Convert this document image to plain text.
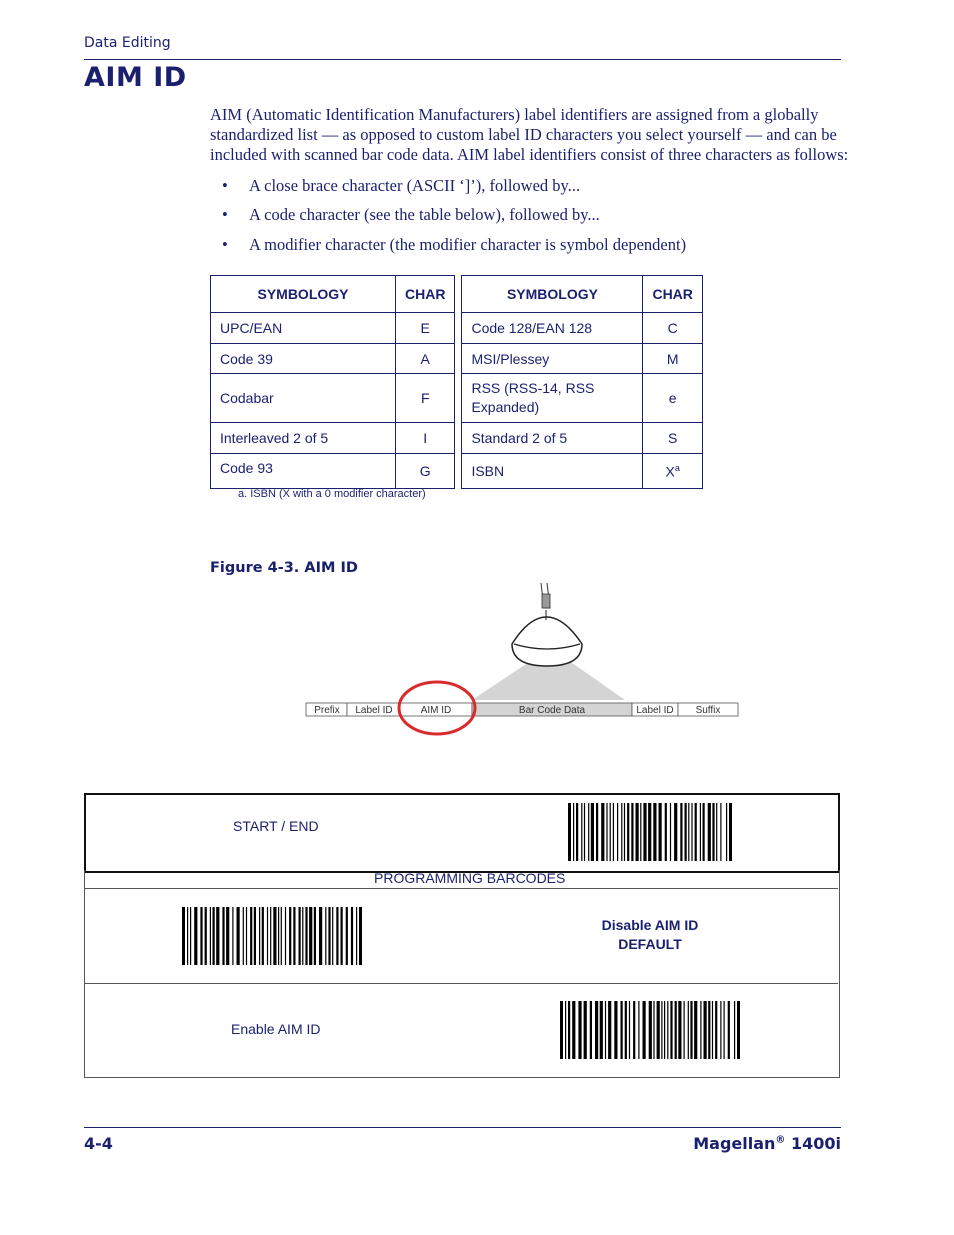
Data Editing
AIM ID
AIM (Automatic Identification Manufacturers) label identifiers are assigned from a globally standardized list — as opposed to custom label ID characters you select yourself — and can be included with scanned bar code data. AIM label identifiers consist of three characters as follows:
• A close brace character (ASCII ‘]’), followed by...
• A code character (see the table below), followed by...
• A modifier character (the modifier character is symbol dependent)
SYMBOLOGY	CHAR		SYMBOLOGY	CHAR
UPC/EAN	E		Code 128/EAN 128	C
Code 39	A		MSI/Plessey	M
Codabar	F		RSS (RSS-14, RSS Expanded)	e
Interleaved 2 of 5	I		Standard 2 of 5	S
Code 93	G		ISBN	$X^a$
a. ISBN (X with a 0 modifier character)
Figure 4-3. AIM ID
Prefix Label ID	AIM ID	Bar Code Data	Label ID Suffix
START / END
PROGRAMMING BARCODES
Disable AIM ID
DEFAULT
Enable AIM ID
4-4	Magellan® 1400i
